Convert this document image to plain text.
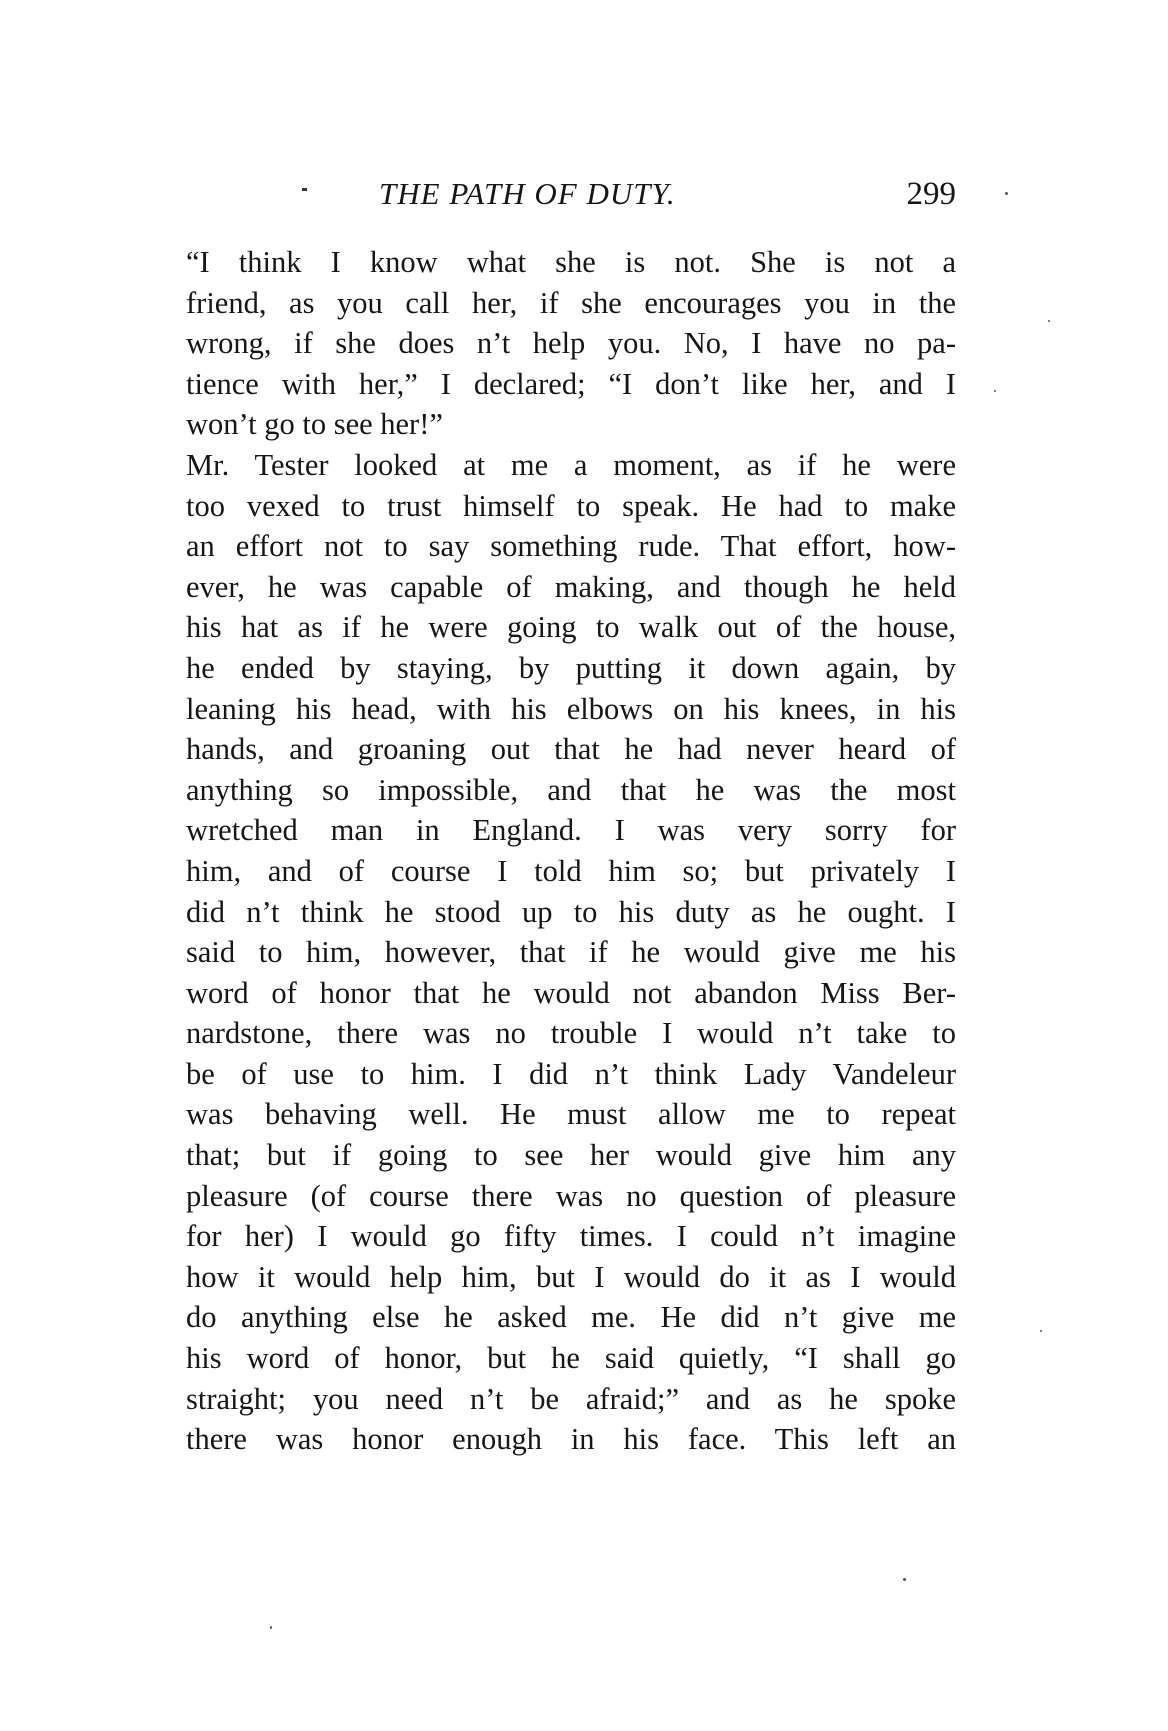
THE PATH OF DUTY.	299
“I think I know what she is not. She is not a
friend, as you call her, if she encourages you in the
wrong, if she does n’t help you. No, I have no pa-
tience with her,” I declared; “I don’t like her, and I
won’t go to see her!”
Mr. Tester looked at me a moment, as if he were
too vexed to trust himself to speak. He had to make
an effort not to say something rude. That effort, how-
ever, he was capable of making, and though he held
his hat as if he were going to walk out of the house,
he ended by staying, by putting it down again, by
leaning his head, with his elbows on his knees, in his
hands, and groaning out that he had never heard of
anything so impossible, and that he was the most
wretched man in England. I was very sorry for
him, and of course I told him so; but privately I
did n’t think he stood up to his duty as he ought. I
said to him, however, that if he would give me his
word of honor that he would not abandon Miss Ber-
nardstone, there was no trouble I would n’t take to
be of use to him. I did n’t think Lady Vandeleur
was behaving well. He must allow me to repeat
that; but if going to see her would give him any
pleasure (of course there was no question of pleasure
for her) I would go fifty times. I could n’t imagine
how it would help him, but I would do it as I would
do anything else he asked me. He did n’t give me
his word of honor, but he said quietly, “I shall go
straight; you need n’t be afraid;” and as he spoke
there was honor enough in his face. This left an
